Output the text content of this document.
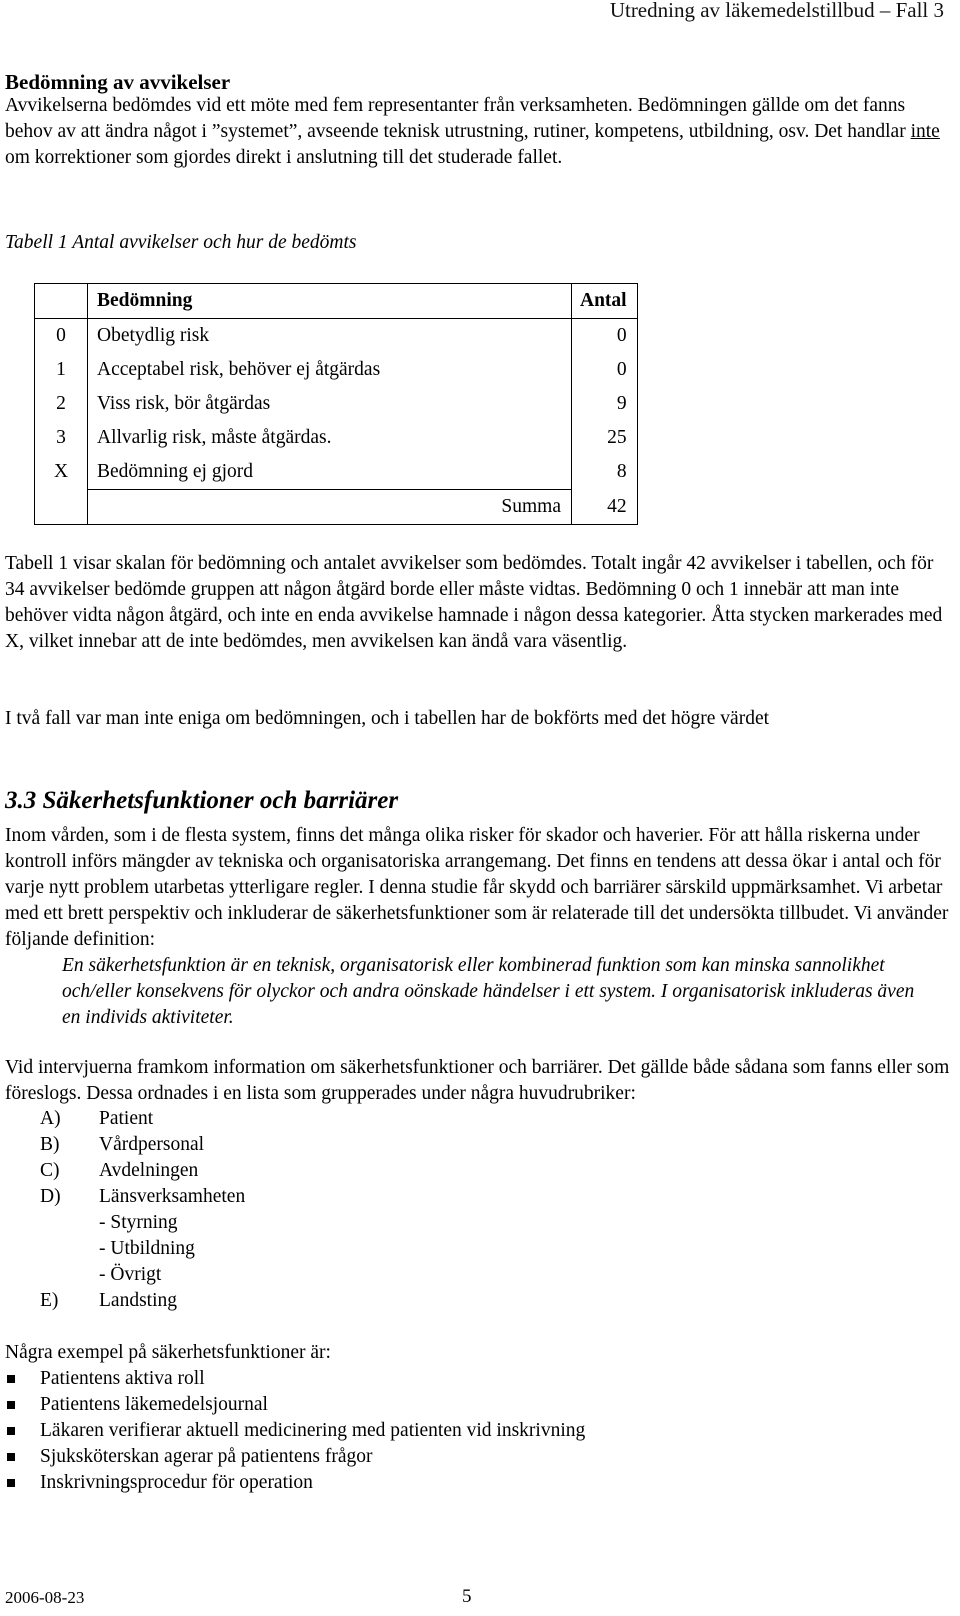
Utredning av läkemedelstillbud – Fall 3
Bedömning av avvikelser

Avvikelserna bedömdes vid ett möte med fem representanter från verksamheten. Bedömningen gällde om det fanns behov av att ändra något i ”systemet”, avseende teknisk utrustning, rutiner, kompetens, utbildning, osv. Det handlar inte om korrektioner som gjordes direkt i anslutning till det studerade fallet.

Tabell 1 Antal avvikelser och hur de bedömts

	Bedömning	Antal
0	Obetydlig risk	0
1	Acceptabel risk, behöver ej åtgärdas	0
2	Viss risk, bör åtgärdas	9
3	Allvarlig risk, måste åtgärdas.	25
X	Bedömning ej gjord	8
	Summa	42

Tabell 1 visar skalan för bedömning och antalet avvikelser som bedömdes. Totalt ingår 42 avvikelser i tabellen, och för 34 avvikelser bedömde gruppen att någon åtgärd borde eller måste vidtas. Bedömning 0 och 1 innebär att man inte behöver vidta någon åtgärd, och inte en enda avvikelse hamnade i någon dessa kategorier. Åtta stycken markerades med X, vilket innebar att de inte bedömdes, men avvikelsen kan ändå vara väsentlig.

I två fall var man inte eniga om bedömningen, och i tabellen har de bokförts med det högre värdet

3.3 Säkerhetsfunktioner och barriärer

Inom vården, som i de flesta system, finns det många olika risker för skador och haverier. För att hålla riskerna under kontroll införs mängder av tekniska och organisatoriska arrangemang. Det finns en tendens att dessa ökar i antal och för varje nytt problem utarbetas ytterligare regler. I denna studie får skydd och barriärer särskild uppmärksamhet. Vi arbetar med ett brett perspektiv och inkluderar de säkerhetsfunktioner som är relaterade till det undersökta tillbudet. Vi använder följande definition:

En säkerhetsfunktion är en teknisk, organisatorisk eller kombinerad funktion som kan minska sannolikhet och/eller konsekvens för olyckor och andra oönskade händelser i ett system. I organisatorisk inkluderas även en individs aktiviteter.

Vid intervjuerna framkom information om säkerhetsfunktioner och barriärer. Det gällde både sådana som fanns eller som föreslogs. Dessa ordnades i en lista som grupperades under några huvudrubriker:

A)	Patient
B)	Vårdpersonal
C)	Avdelningen
D)	Länsverksamheten
- Styrning
- Utbildning
- Övrigt
E)	Landsting

Några exempel på säkerhetsfunktioner är:

Patientens aktiva roll
Patientens läkemedelsjournal
Läkaren verifierar aktuell medicinering med patienten vid inskrivning
Sjuksköterskan agerar på patientens frågor
Inskrivningsprocedur för operation
2006-08-23	5
